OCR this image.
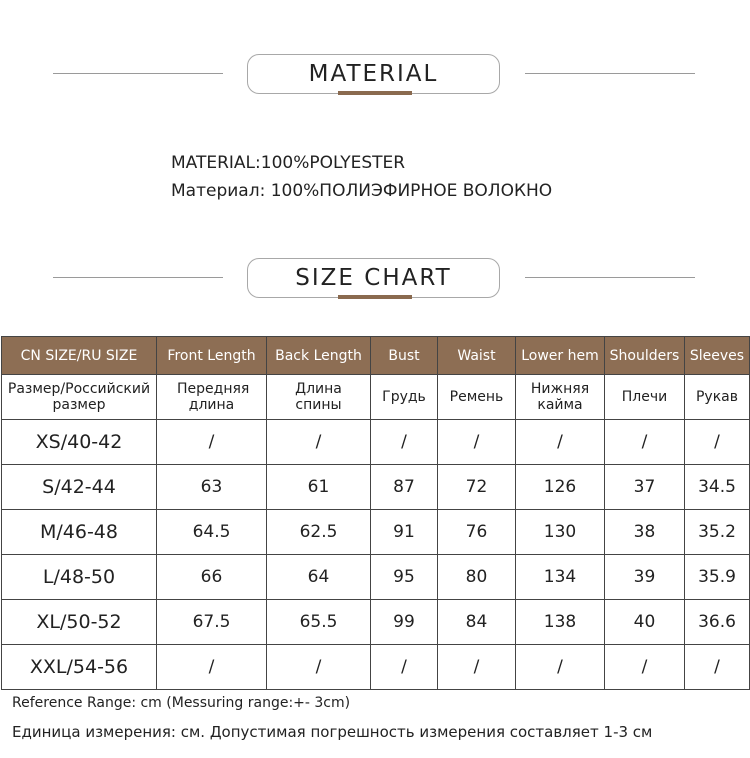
MATERIAL
MATERIAL:100%POLYESTER
Материал: 100%ПОЛИЭФИРНОЕ ВОЛОКНО
SIZE CHART
CN SIZE/RU SIZE	Front Length	Back Length	Bust	Waist	Lower hem	Shoulders	Sleeves
Размер/Российский размер	Передняя длина	Длина спины	Грудь	Ремень	Нижняя кайма	Плечи	Рукав
XS/40-42	/	/	/	/	/	/	/
S/42-44	63	61	87	72	126	37	34.5
M/46-48	64.5	62.5	91	76	130	38	35.2
L/48-50	66	64	95	80	134	39	35.9
XL/50-52	67.5	65.5	99	84	138	40	36.6
XXL/54-56	/	/	/	/	/	/	/
Reference Range: cm (Messuring range:+- 3cm)
Единица измерения: см. Допустимая погрешность измерения составляет 1-3 см
